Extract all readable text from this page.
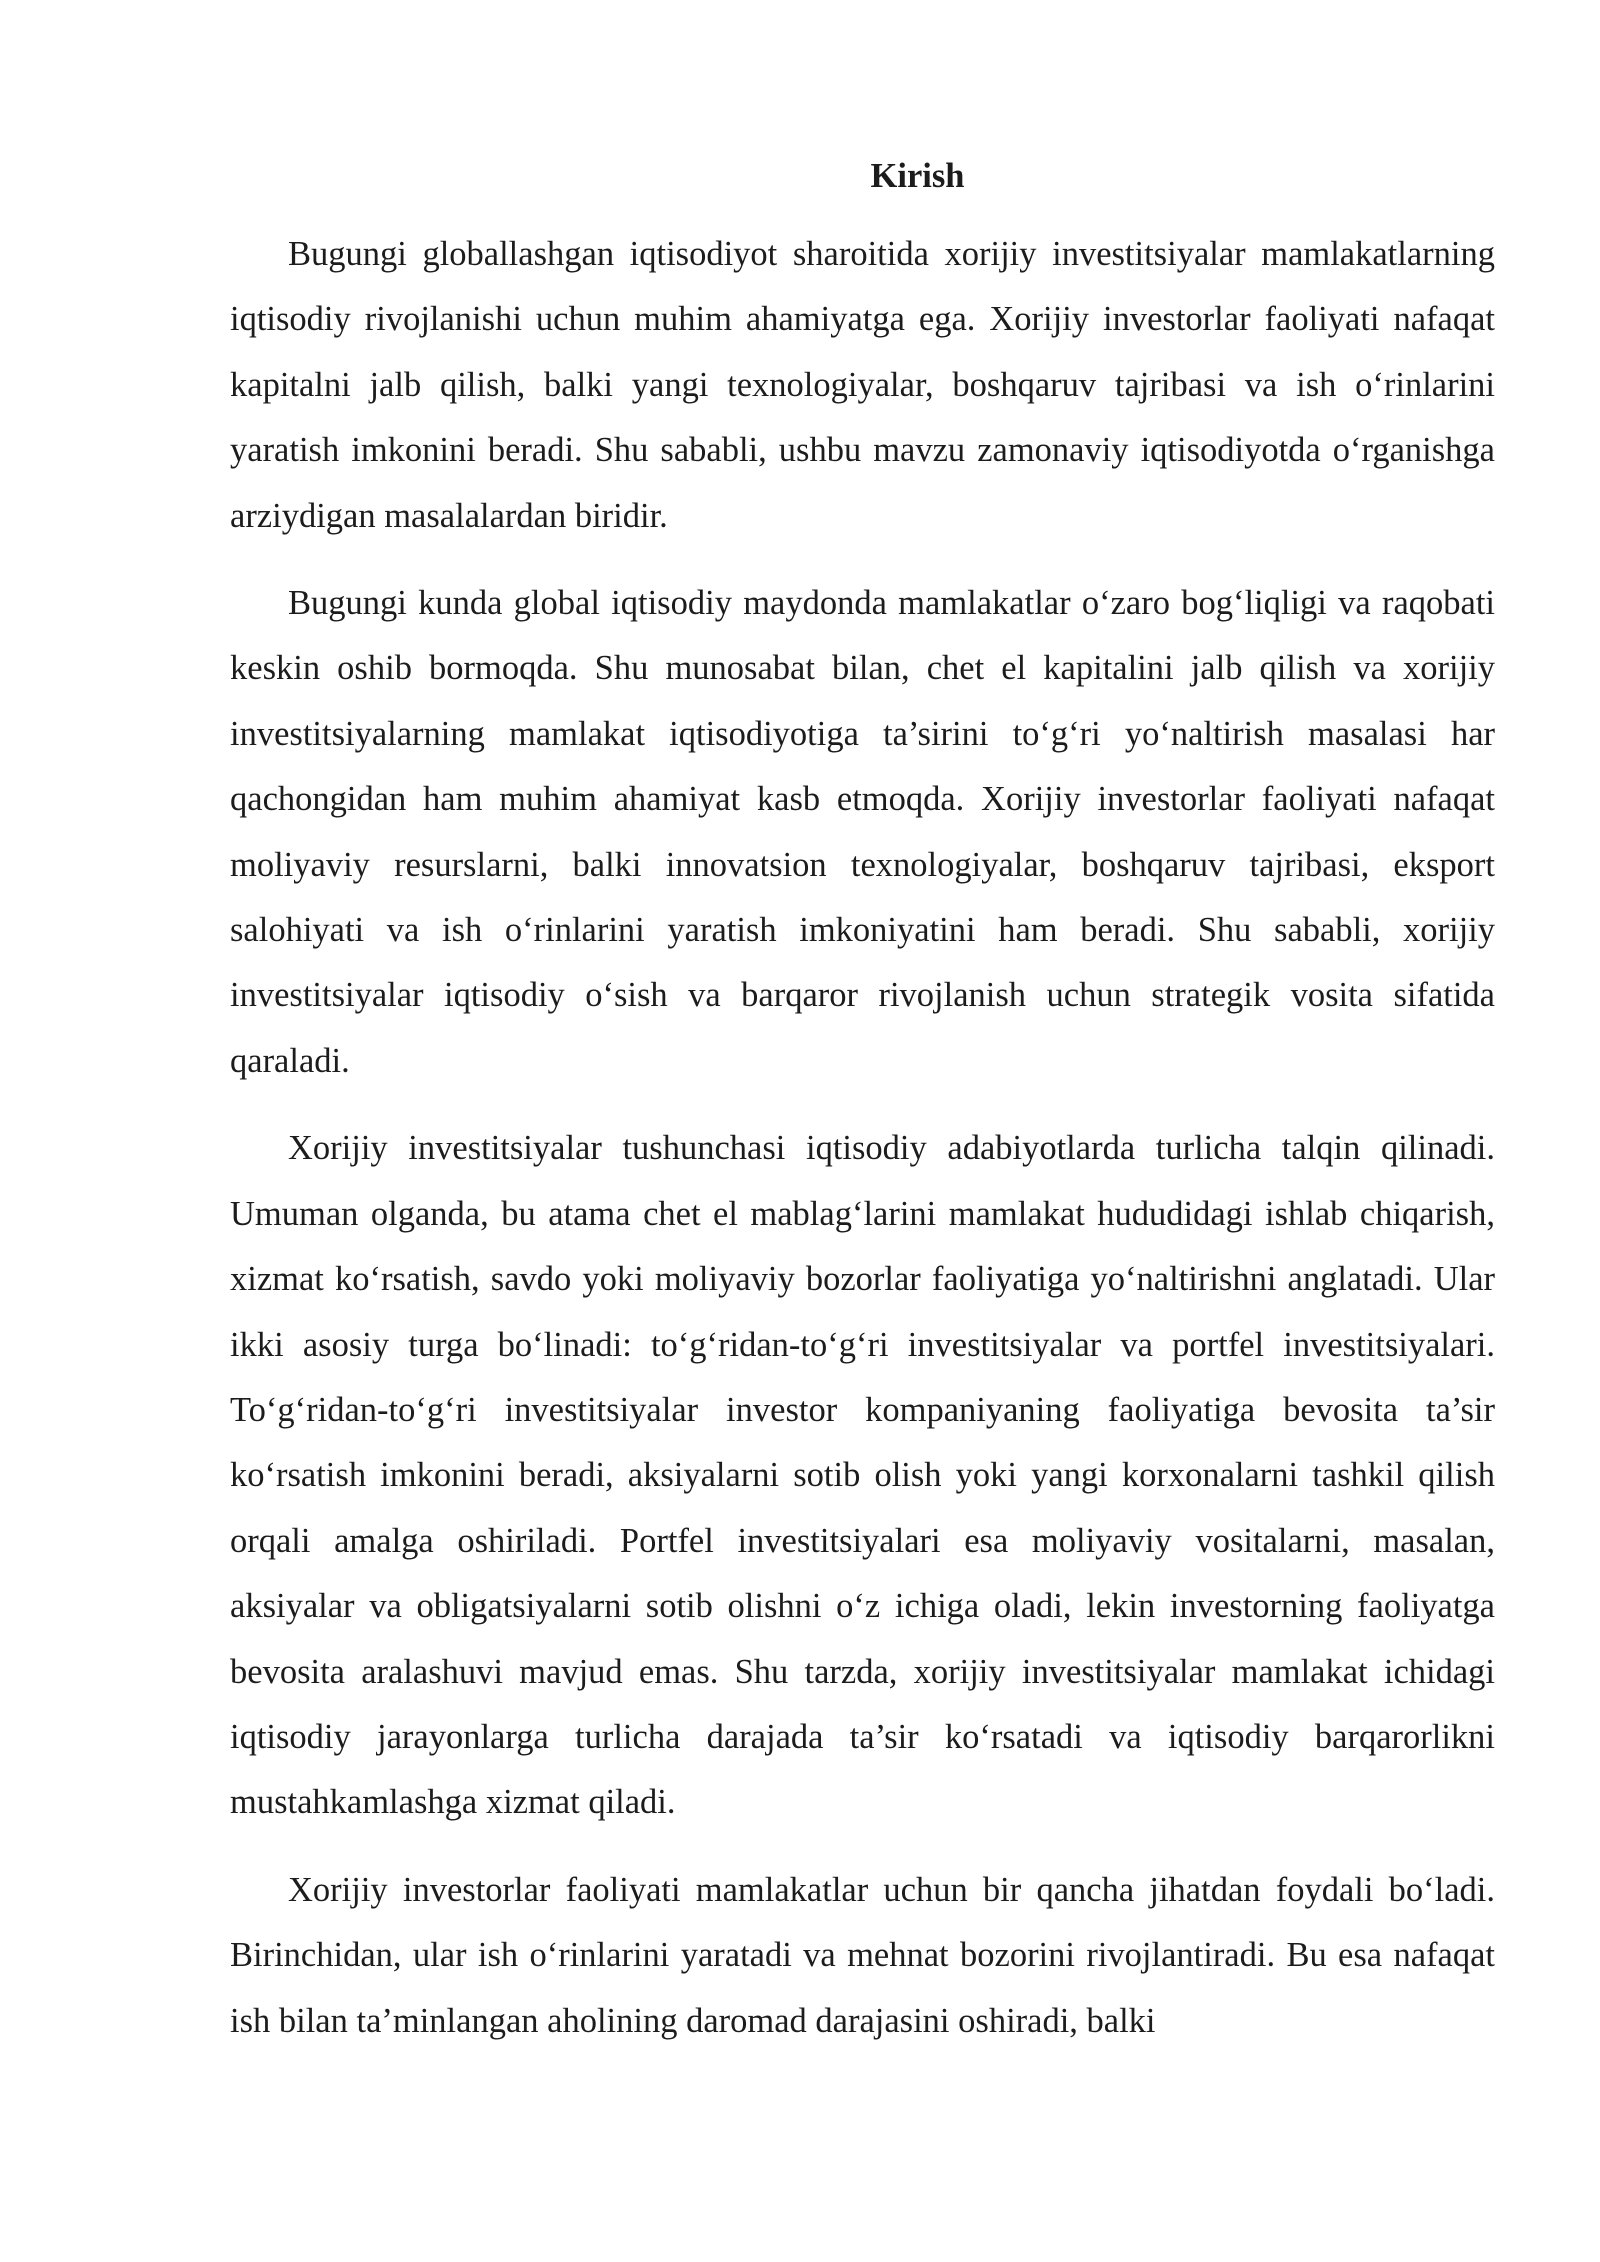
Kirish

Bugungi globallashgan iqtisodiyot sharoitida xorijiy investitsiyalar mamlakatlarning iqtisodiy rivojlanishi uchun muhim ahamiyatga ega. Xorijiy investorlar faoliyati nafaqat kapitalni jalb qilish, balki yangi texnologiyalar, boshqaruv tajribasi va ish o‘rinlarini yaratish imkonini beradi. Shu sababli, ushbu mavzu zamonaviy iqtisodiyotda o‘rganishga arziydigan masalalardan biridir.

Bugungi kunda global iqtisodiy maydonda mamlakatlar o‘zaro bog‘liqligi va raqobati keskin oshib bormoqda. Shu munosabat bilan, chet el kapitalini jalb qilish va xorijiy investitsiyalarning mamlakat iqtisodiyotiga ta’sirini to‘g‘ri yo‘naltirish masalasi har qachongidan ham muhim ahamiyat kasb etmoqda. Xorijiy investorlar faoliyati nafaqat moliyaviy resurslarni, balki innovatsion texnologiyalar, boshqaruv tajribasi, eksport salohiyati va ish o‘rinlarini yaratish imkoniyatini ham beradi. Shu sababli, xorijiy investitsiyalar iqtisodiy o‘sish va barqaror rivojlanish uchun strategik vosita sifatida qaraladi.

Xorijiy investitsiyalar tushunchasi iqtisodiy adabiyotlarda turlicha talqin qilinadi. Umuman olganda, bu atama chet el mablag‘larini mamlakat hududidagi ishlab chiqarish, xizmat ko‘rsatish, savdo yoki moliyaviy bozorlar faoliyatiga yo‘naltirishni anglatadi. Ular ikki asosiy turga bo‘linadi: to‘g‘ridan-to‘g‘ri investitsiyalar va portfel investitsiyalari. To‘g‘ridan-to‘g‘ri investitsiyalar investor kompaniyaning faoliyatiga bevosita ta’sir ko‘rsatish imkonini beradi, aksiyalarni sotib olish yoki yangi korxonalarni tashkil qilish orqali amalga oshiriladi. Portfel investitsiyalari esa moliyaviy vositalarni, masalan, aksiyalar va obligatsiyalarni sotib olishni o‘z ichiga oladi, lekin investorning faoliyatga bevosita aralashuvi mavjud emas. Shu tarzda, xorijiy investitsiyalar mamlakat ichidagi iqtisodiy jarayonlarga turlicha darajada ta’sir ko‘rsatadi va iqtisodiy barqarorlikni mustahkamlashga xizmat qiladi.

Xorijiy investorlar faoliyati mamlakatlar uchun bir qancha jihatdan foydali bo‘ladi. Birinchidan, ular ish o‘rinlarini yaratadi va mehnat bozorini rivojlantiradi. Bu esa nafaqat ish bilan ta’minlangan aholining daromad darajasini oshiradi, balki
